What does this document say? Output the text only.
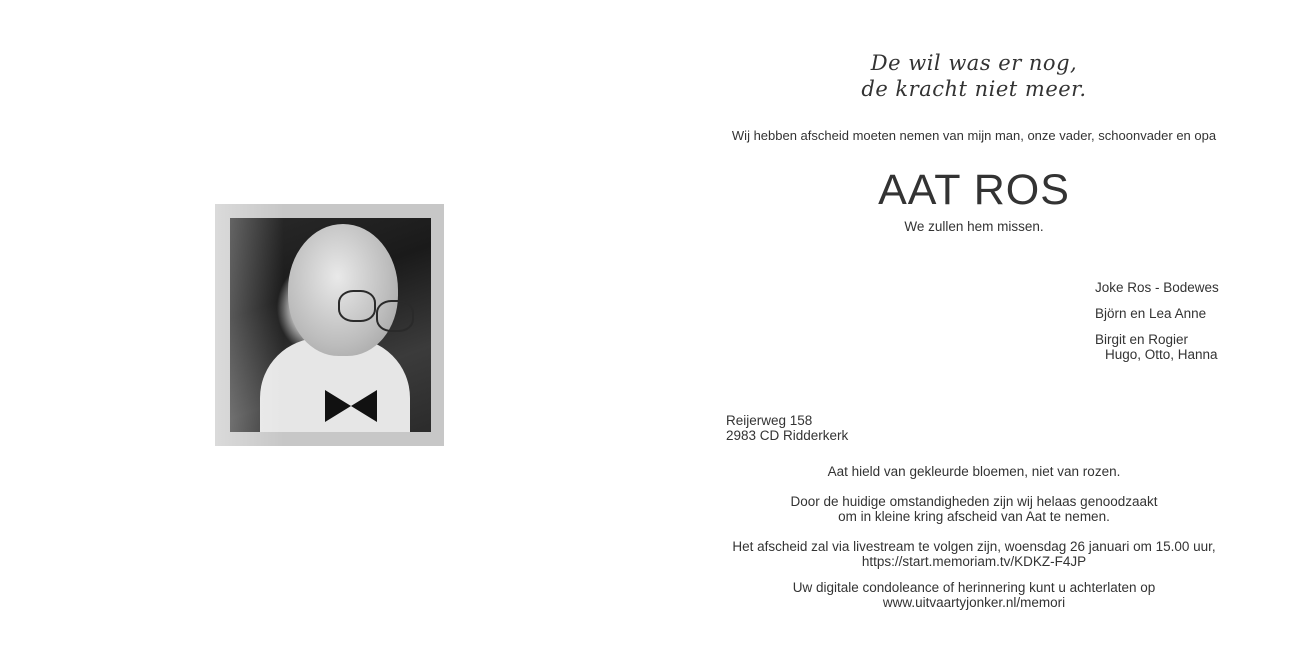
De wil was er nog,
de kracht niet meer.
Wij hebben afscheid moeten nemen van mijn man, onze vader, schoonvader en opa
AAT ROS
We zullen hem missen.
Joke Ros - Bodewes
Björn en Lea Anne
Birgit en Rogier
Hugo, Otto, Hanna
Reijerweg 158
2983 CD Ridderkerk
Aat hield van gekleurde bloemen, niet van rozen.
Door de huidige omstandigheden zijn wij helaas genoodzaakt
om in kleine kring afscheid van Aat te nemen.
Het afscheid zal via livestream te volgen zijn, woensdag 26 januari om 15.00 uur,
https://start.memoriam.tv/KDKZ-F4JP
Uw digitale condoleance of herinnering kunt u achterlaten op
www.uitvaartyjonker.nl/memori
